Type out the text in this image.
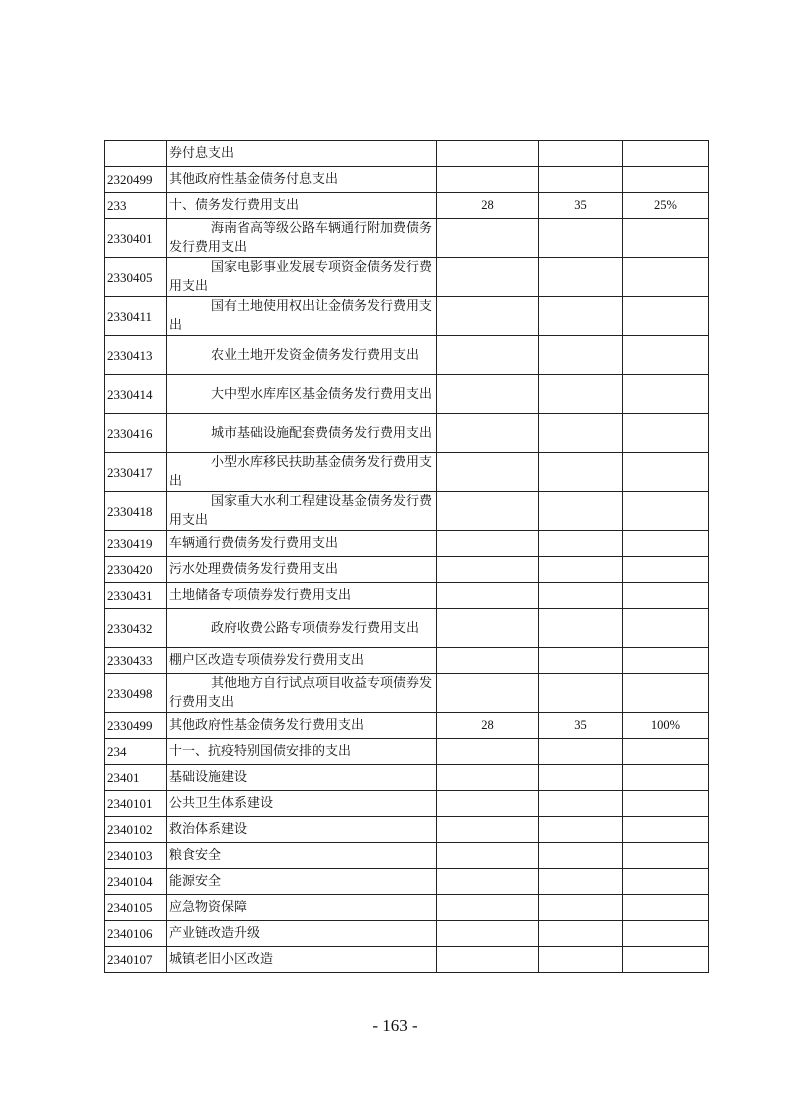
	券付息支出			
2320499	其他政府性基金债务付息支出			
233	十、债务发行费用支出	28	35	25%
2330401	海南省高等级公路车辆通行附加费债务发行费用支出			
2330405	国家电影事业发展专项资金债务发行费用支出			
2330411	国有土地使用权出让金债务发行费用支出			
2330413	农业土地开发资金债务发行费用支出			
2330414	大中型水库库区基金债务发行费用支出			
2330416	城市基础设施配套费债务发行费用支出			
2330417	小型水库移民扶助基金债务发行费用支出			
2330418	国家重大水利工程建设基金债务发行费用支出			
2330419	车辆通行费债务发行费用支出			
2330420	污水处理费债务发行费用支出			
2330431	土地储备专项债券发行费用支出			
2330432	政府收费公路专项债券发行费用支出			
2330433	棚户区改造专项债券发行费用支出			
2330498	其他地方自行试点项目收益专项债券发行费用支出			
2330499	其他政府性基金债务发行费用支出	28	35	100%
234	十一、抗疫特别国债安排的支出			
23401	基础设施建设			
2340101	公共卫生体系建设			
2340102	救治体系建设			
2340103	粮食安全			
2340104	能源安全			
2340105	应急物资保障			
2340106	产业链改造升级			
2340107	城镇老旧小区改造			
- 163 -
